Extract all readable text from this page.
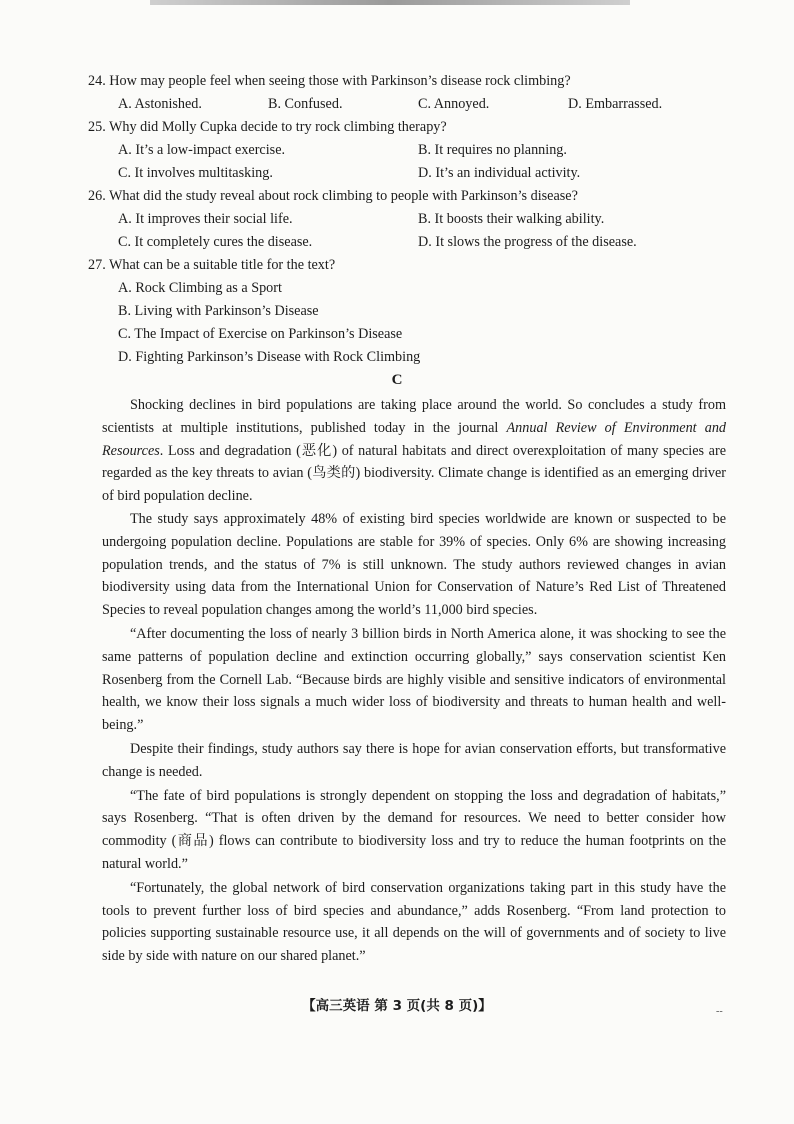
24. How may people feel when seeing those with Parkinson’s disease rock climbing?
A. Astonished.	B. Confused.	C. Annoyed.	D. Embarrassed.
25. Why did Molly Cupka decide to try rock climbing therapy?
A. It’s a low-impact exercise.	B. It requires no planning.
C. It involves multitasking.	D. It’s an individual activity.
26. What did the study reveal about rock climbing to people with Parkinson’s disease?
A. It improves their social life.	B. It boosts their walking ability.
C. It completely cures the disease.	D. It slows the progress of the disease.
27. What can be a suitable title for the text?
A. Rock Climbing as a Sport
B. Living with Parkinson’s Disease
C. The Impact of Exercise on Parkinson’s Disease
D. Fighting Parkinson’s Disease with Rock Climbing
C

Shocking declines in bird populations are taking place around the world. So concludes a study from scientists at multiple institutions, published today in the journal Annual Review of Environment and Resources. Loss and degradation (恶化) of natural habitats and direct overexploitation of many species are regarded as the key threats to avian (鸟类的) biodiversity. Climate change is identified as an emerging driver of bird population decline.

The study says approximately 48% of existing bird species worldwide are known or suspected to be undergoing population decline. Populations are stable for 39% of species. Only 6% are showing increasing population trends, and the status of 7% is still unknown. The study authors reviewed changes in avian biodiversity using data from the International Union for Conservation of Nature’s Red List of Threatened Species to reveal population changes among the world’s 11,000 bird species.

“After documenting the loss of nearly 3 billion birds in North America alone, it was shocking to see the same patterns of population decline and extinction occurring globally,” says conservation scientist Ken Rosenberg from the Cornell Lab. “Because birds are highly visible and sensitive indicators of environmental health, we know their loss signals a much wider loss of biodiversity and threats to human health and well-being.”

Despite their findings, study authors say there is hope for avian conservation efforts, but transformative change is needed.

“The fate of bird populations is strongly dependent on stopping the loss and degradation of habitats,” says Rosenberg. “That is often driven by the demand for resources. We need to better consider how commodity (商品) flows can contribute to biodiversity loss and try to reduce the human footprints on the natural world.”

“Fortunately, the global network of bird conservation organizations taking part in this study have the tools to prevent further loss of bird species and abundance,” adds Rosenberg. “From land protection to policies supporting sustainable resource use, it all depends on the will of governments and of society to live side by side with nature on our shared planet.”

【高三英语 第 3 页(共 8 页)】	--
